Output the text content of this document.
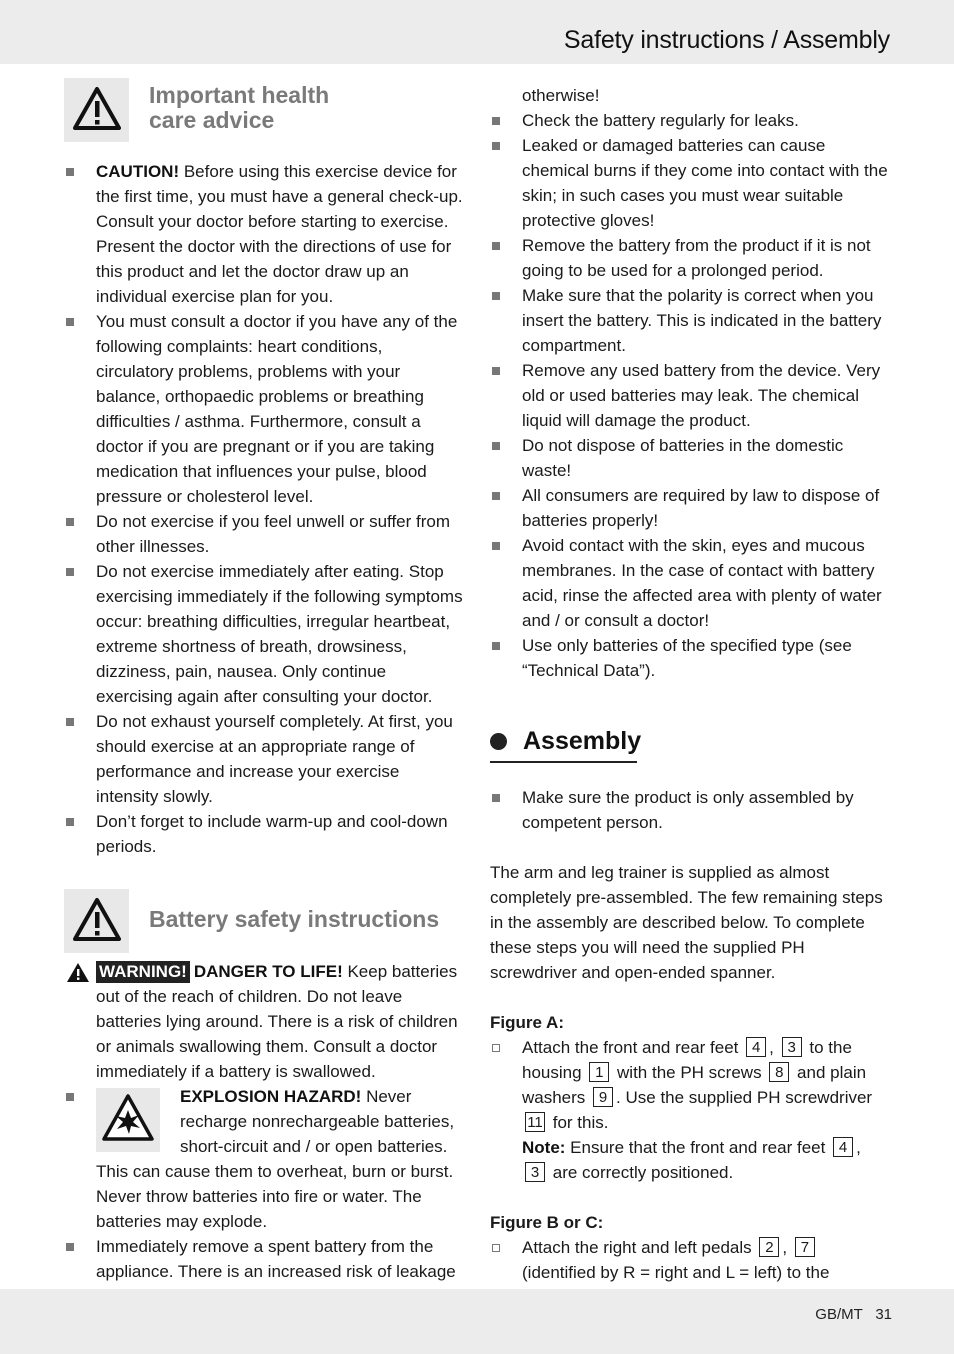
Safety instructions / Assembly
Important health
care advice

CAUTION! Before using this exercise device for the first time, you must have a general check-up. Consult your doctor before starting to exercise. Present the doctor with the directions of use for this product and let the doctor draw up an individual exercise plan for you.

You must consult a doctor if you have any of the following complaints: heart conditions, circulatory problems, problems with your balance, orthopaedic problems or breathing difficulties / asthma. Furthermore, consult a doctor if you are pregnant or if you are taking medication that influences your pulse, blood pressure or cholesterol level.

Do not exercise if you feel unwell or suffer from other illnesses.

Do not exercise immediately after eating. Stop exercising immediately if the following symptoms occur: breathing difficulties, irregular heartbeat, extreme shortness of breath, drowsiness, dizziness, pain, nausea. Only continue exercising again after consulting your doctor.

Do not exhaust yourself completely. At first, you should exercise at an appropriate range of performance and increase your exercise intensity slowly.

Don’t forget to include warm-up and cool-down periods.

Battery safety instructions

WARNING! DANGER TO LIFE! Keep batteries out of the reach of children. Do not leave batteries lying around. There is a risk of children or animals swallowing them. Consult a doctor immediately if a battery is swallowed.

EXPLOSION HAZARD! Never recharge nonrechargeable batteries, short-circuit and / or open batteries. This can cause them to overheat, burn or burst. Never throw batteries into fire or water. The batteries may explode.

Immediately remove a spent battery from the appliance. There is an increased risk of leakage

otherwise!

Check the battery regularly for leaks.

Leaked or damaged batteries can cause chemical burns if they come into contact with the skin; in such cases you must wear suitable protective gloves!

Remove the battery from the product if it is not going to be used for a prolonged period.

Make sure that the polarity is correct when you insert the battery. This is indicated in the battery compartment.

Remove any used battery from the device. Very old or used batteries may leak. The chemical liquid will damage the product.

Do not dispose of batteries in the domestic waste!

All consumers are required by law to dispose of batteries properly!

Avoid contact with the skin, eyes and mucous membranes. In the case of contact with battery acid, rinse the affected area with plenty of water and / or consult a doctor!

Use only batteries of the specified type (see “Technical Data”).

Assembly

Make sure the product is only assembled by competent person.

The arm and leg trainer is supplied as almost completely pre-assembled. The few remaining steps in the assembly are described below. To complete these steps you will need the supplied PH screwdriver and open-ended spanner.

Figure A:

Attach the front and rear feet 4 , 3 to the housing 1 with the PH screws 8 and plain washers 9 . Use the supplied PH screwdriver 11 for this.
Note: Ensure that the front and rear feet 4 , 3 are correctly positioned.

Figure B or C:

Attach the right and left pedals 2 , 7 (identified by R = right and L = left) to the

GB/MT 31
